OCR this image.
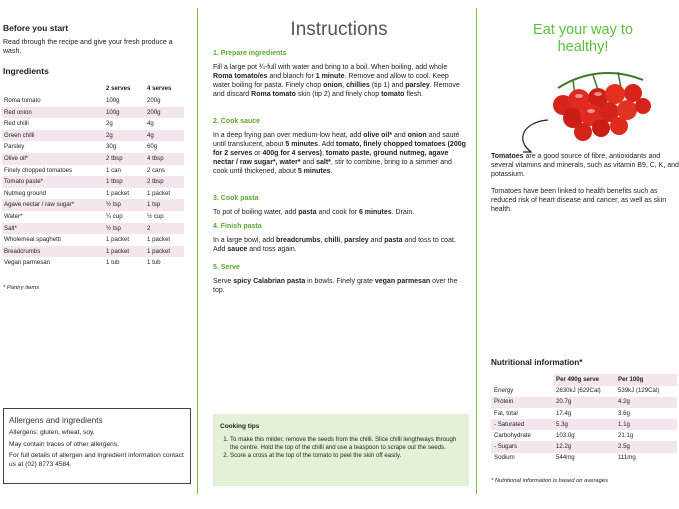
Before you start
Read through the recipe and give your fresh produce a wash.
Ingredients
	2 serves	4 serves
Roma tomato	100g	200g
Red onion	100g	200g
Red chilli	2g	4g
Green chilli	2g	4g
Parsley	30g	60g
Olive oil*	2 tbsp	4 tbsp
Finely chopped tomatoes	1 can	2 cans
Tomato paste*	1 tbsp	2 tbsp
Nutmeg ground	1 packet	1 packet
Agave nectar / raw sugar*	½ tsp	1 tsp
Water*	¼ cup	½ cup
Salt*	½ tsp	2
Wholemeal spaghetti	1 packet	1 packet
Breadcrumbs	1 packet	1 packet
Vegan parmesan	1 tub	1 tub
* Pantry items
Allergens and ingredients

Allergens: gluten, wheat, soy.

May contain traces of other allergens.

For full details of allergen and ingredient information contact us at (02) 8773 4584.

Instructions
1. Prepare ingredients
Fill a large pot ¾-full with water and bring to a boil. When boiling, add whole Roma tomato/es and blanch for 1 minute. Remove and allow to cool. Keep water boiling for pasta. Finely chop onion, chillies (tip 1) and parsley. Remove and discard Roma tomato skin (tip 2) and finely chop tomato flesh.
2. Cook sauce
In a deep frying pan over medium-low heat, add olive oil* and onion and sauté until translucent, about 5 minutes. Add tomato, finely chopped tomatoes (200g for 2 serves or 400g for 4 serves), tomato paste, ground nutmeg, agave nectar / raw sugar*, water* and salt*, stir to combine, bring to a simmer and cook until thickened, about 5 minutes.
3. Cook pasta
To pot of boiling water, add pasta and cook for 6 minutes. Drain.
4. Finish pasta
In a large bowl, add breadcrumbs, chilli, parsley and pasta and toss to coat. Add sauce and toss again.
5. Serve
Serve spicy Calabrian pasta in bowls. Finely grate vegan parmesan over the top.
Cooking tips
1. To make this milder, remove the seeds from the chilli. Slice chilli lengthways through the centre. Hold the top of the chilli and use a teaspoon to scrape out the seeds.
2. Score a cross at the top of the tomato to peel the skin off easily.
Eat your way to healthy!
Tomatoes are a good source of fibre, antioxidants and several vitamins and minerals, such as vitamin B9, C, K, and potassium.
Tomatoes have been linked to health benefits such as reduced risk of heart disease and cancer, as well as skin health.
Nutritional information*
	Per 490g serve	Per 100g
Energy	2630kJ (629Cal)	539kJ (129Cal)
Protein	20.7g	4.2g
Fat, total	17.4g	3.6g
- Saturated	5.3g	1.1g
Carbohydrate	103.0g	21.1g
- Sugars	12.2g	2.5g
Sodium	544mg	111mg
* Nutritional information is based on averages
